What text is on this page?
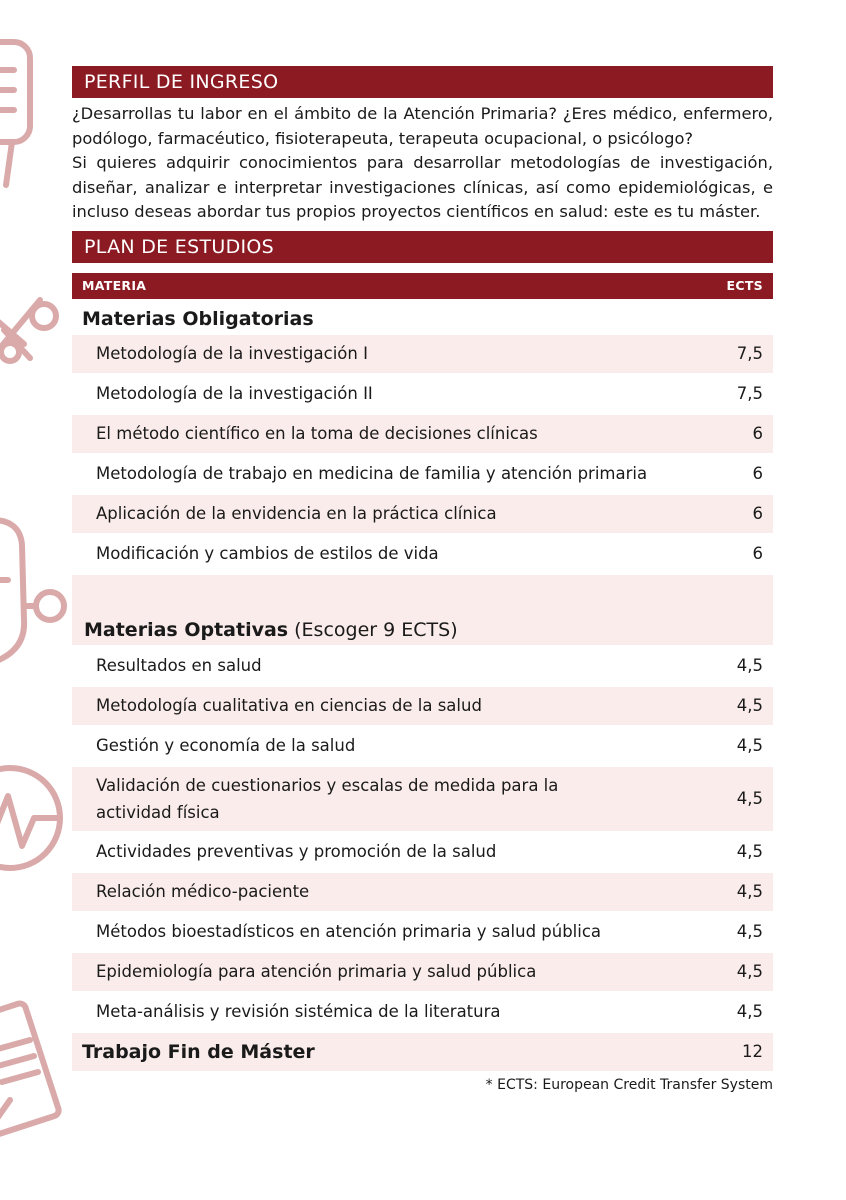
PERFIL DE INGRESO

¿Desarrollas tu labor en el ámbito de la Atención Primaria? ¿Eres médico, enfermero, podólogo, farmacéutico, fisioterapeuta, terapeuta ocupacional, o psicólogo?

Si quieres adquirir conocimientos para desarrollar metodologías de investigación, diseñar, analizar e interpretar investigaciones clínicas, así como epidemiológicas, e incluso deseas abordar tus propios proyectos científicos en salud: este es tu máster.

PLAN DE ESTUDIOS
MATERIA	ECTS
Materias Obligatorias
Metodología de la investigación I	7,5
Metodología de la investigación II	7,5
El método científico en la toma de decisiones clínicas	6
Metodología de trabajo en medicina de familia y atención primaria	6
Aplicación de la envidencia en la práctica clínica	6
Modificación y cambios de estilos de vida	6
Materias Optativas (Escoger 9 ECTS)
Resultados en salud	4,5
Metodología cualitativa en ciencias de la salud	4,5
Gestión y economía de la salud	4,5
Validación de cuestionarios y escalas de medida para la actividad física
4,5
Actividades preventivas y promoción de la salud	4,5
Relación médico-paciente	4,5
Métodos bioestadísticos en atención primaria y salud pública	4,5
Epidemiología para atención primaria y salud pública	4,5
Meta-análisis y revisión sistémica de la literatura	4,5
Trabajo Fin de Máster	12
* ECTS: European Credit Transfer System
